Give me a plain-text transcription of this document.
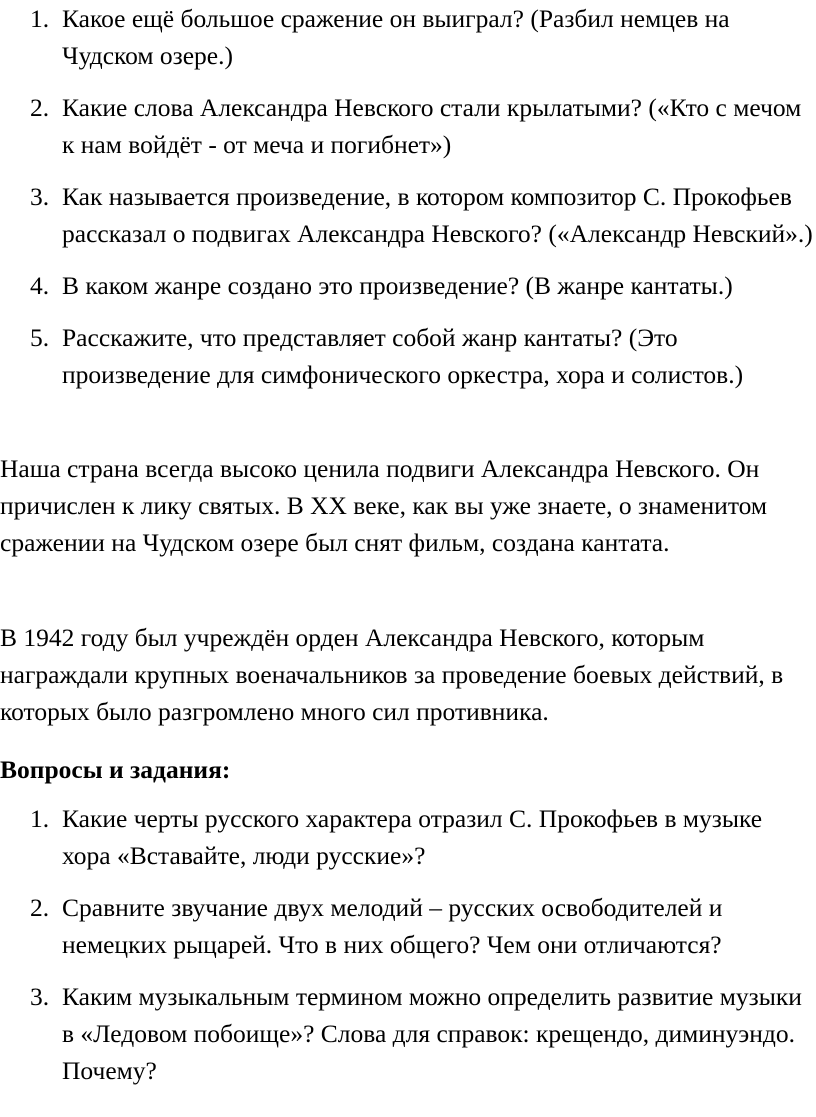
1. Какое ещё большое сражение он выиграл? (Разбил немцев на Чудском озере.)
2. Какие слова Александра Невского стали крылатыми? («Кто с мечом к нам войдёт - от меча и погибнет»)
3. Как называется произведение, в котором композитор С. Прокофьев рассказал о подвигах Александра Невского? («Александр Невский».)
4. В каком жанре создано это произведение? (В жанре кантаты.)
5. Расскажите, что представляет собой жанр кантаты? (Это произведение для симфонического оркестра, хора и солистов.)

Наша страна всегда высоко ценила подвиги Александра Невского. Он причислен к лику святых. В XX веке, как вы уже знаете, о знаменитом сражении на Чудском озере был снят фильм, создана кантата.

В 1942 году был учреждён орден Александра Невского, которым награждали крупных военачальников за проведение боевых действий, в которых было разгромлено много сил противника.

Вопросы и задания:

1. Какие черты русского характера отразил С. Прокофьев в музыке хора «Вставайте, люди русские»?
2. Сравните звучание двух мелодий – русских освободителей и немецких рыцарей. Что в них общего? Чем они отличаются?
3. Каким музыкальным термином можно определить развитие музыки в «Ледовом побоище»? Слова для справок: крещендо, диминуэндо. Почему?
